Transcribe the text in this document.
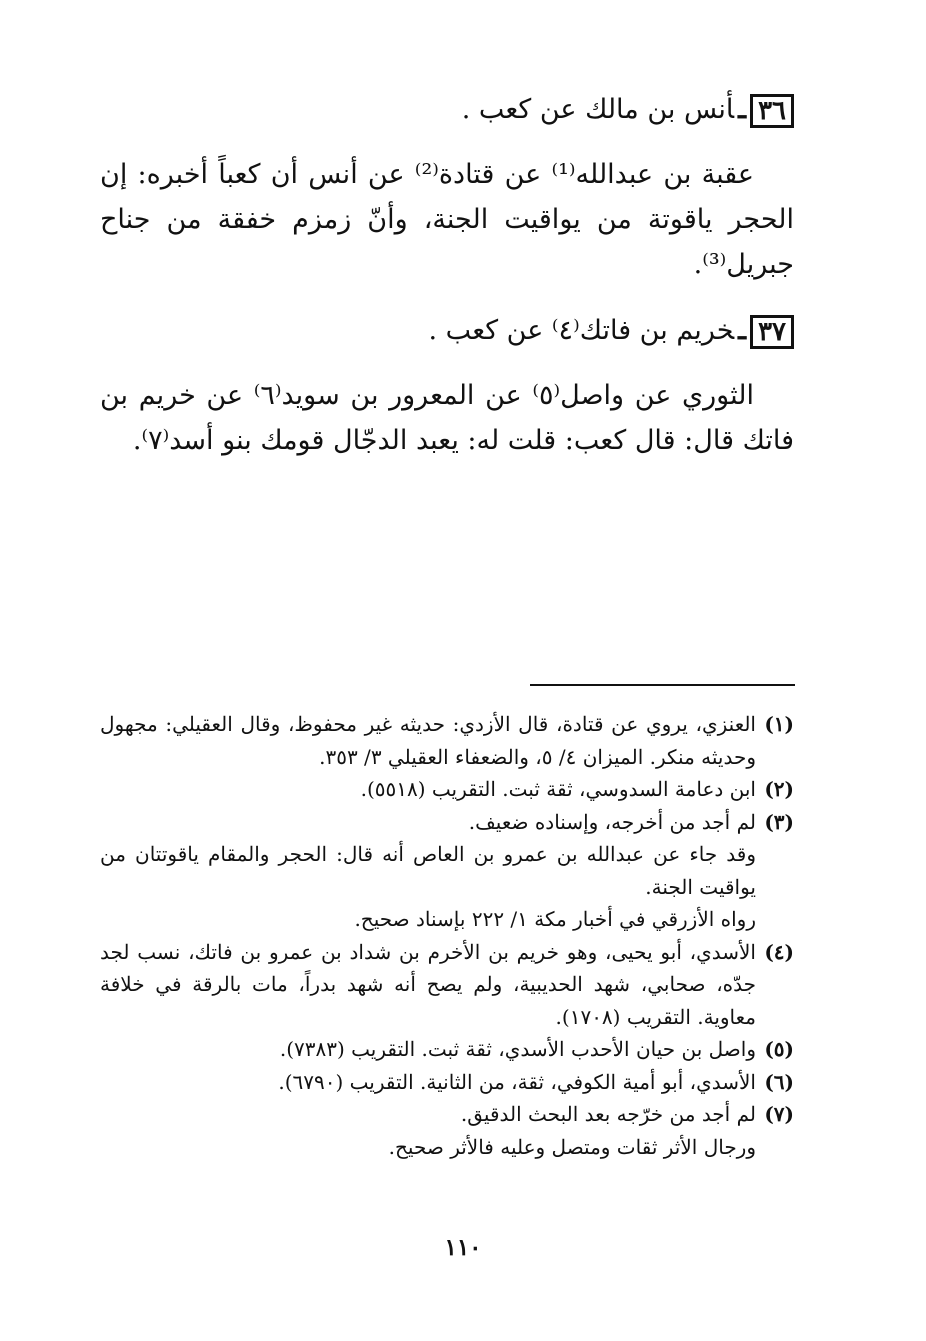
٣٦ـأنس بن مالك عن كعب .

عقبة بن عبدالله⁽¹⁾ عن قتادة⁽²⁾ عن أنس أن كعباً أخبره: إن الحجر ياقوتة من يواقيت الجنة، وأنّ زمزم خفقة من جناح جبريل⁽³⁾.

٣٧ـخريم بن فاتك⁽٤⁾ عن كعب .

الثوري عن واصل⁽٥⁾ عن المعرور بن سويد⁽٦⁾ عن خريم بن فاتك قال: قال كعب: قلت له: يعبد الدجّال قومك بنو أسد⁽٧⁾.

(١)
العنزي، يروي عن قتادة، قال الأزدي: حديثه غير محفوظ، وقال العقيلي: مجهول وحديثه منكر. الميزان ٤/ ٥، والضعفاء العقيلي ٣/ ٣٥٣.

(٢)
ابن دعامة السدوسي، ثقة ثبت. التقريب (٥٥١٨).

(٣)
لم أجد من أخرجه، وإسناده ضعيف.

وقد جاء عن عبدالله بن عمرو بن العاص أنه قال: الحجر والمقام ياقوتتان من يواقيت الجنة.

رواه الأزرقي في أخبار مكة ١/ ٢٢٢ بإسناد صحيح.

(٤)
الأسدي، أبو يحيى، وهو خريم بن الأخرم بن شداد بن عمرو بن فاتك، نسب لجد جدّه، صحابي، شهد الحديبية، ولم يصح أنه شهد بدراً، مات بالرقة في خلافة معاوية. التقريب (١٧٠٨).

(٥)
واصل بن حيان الأحدب الأسدي، ثقة ثبت. التقريب (٧٣٨٣).

(٦)
الأسدي، أبو أمية الكوفي، ثقة، من الثانية. التقريب (٦٧٩٠).

(٧)
لم أجد من خرّجه بعد البحث الدقيق.

ورجال الأثر ثقات ومتصل وعليه فالأثر صحيح.

١١٠
